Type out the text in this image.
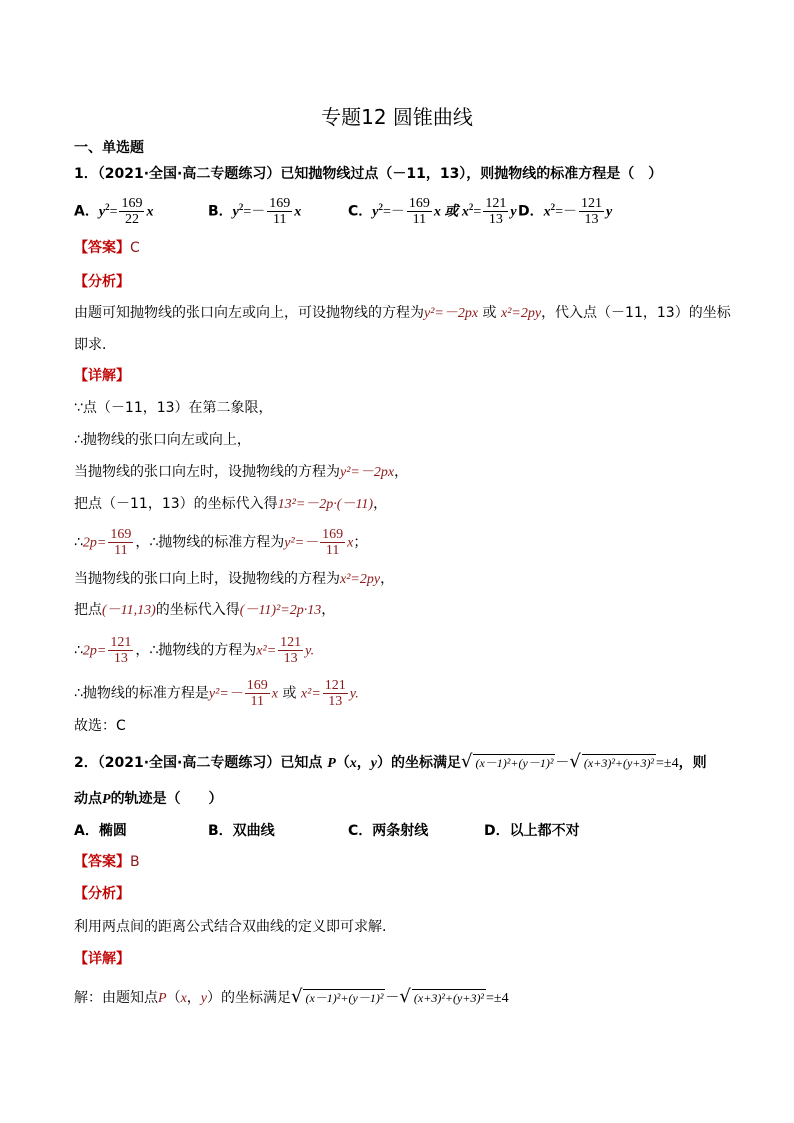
专题12 圆锥曲线
一、单选题
1．（2021·全国·高二专题练习）已知抛物线过点（－11，13），则抛物线的标准方程是（　）
A．$y^2= \frac{169}{22}$ x	B．$y^2=- \frac{169}{11}$ x	C．$y^2=- \frac{169}{11}$ x 或 $x^2= \frac{121}{13}$ yD．$x^2=- \frac{121}{13}$ y
【答案】C
【分析】
由题可知抛物线的张口向左或向上，可设抛物线的方程为y²=－2px 或 x²=2py，代入点（－11，13）的坐标
即求．
【详解】
∵点（－11，13）在第二象限，
∴抛物线的张口向左或向上，
当抛物线的张口向左时，设抛物线的方程为y²=－2px，
把点（－11，13）的坐标代入得13²=－2p·(－11)，
∴2p= $\frac{169}{11}$ ，∴抛物线的标准方程为$y^2=- \frac{169}{11}$ x；
当抛物线的张口向上时，设抛物线的方程为x²=2py，
把点(－11,13)的坐标代入得(－11)²=2p·13，
∴2p= $\frac{121}{13}$ ，∴抛物线的方程为$x^2= \frac{121}{13} y$.
∴抛物线的标准方程是$y^2=- \frac{169}{11}$ x 或 $x^2= \frac{121}{13} y$.
故选：C
2．（2021·全国·高二专题练习）已知点 P（x，y）的坐标满足√ (x－1)²+(y－1)² －√ (x+3)²+(y+3)² =±4，则
动点P的轨迹是（　　）
A．椭圆	B．双曲线	C．两条射线	D．以上都不对
【答案】B
【分析】
利用两点间的距离公式结合双曲线的定义即可求解.
【详解】
解：由题知点P（x，y）的坐标满足√ (x－1)²+(y－1)² －√ (x+3)²+(y+3)² =±4
